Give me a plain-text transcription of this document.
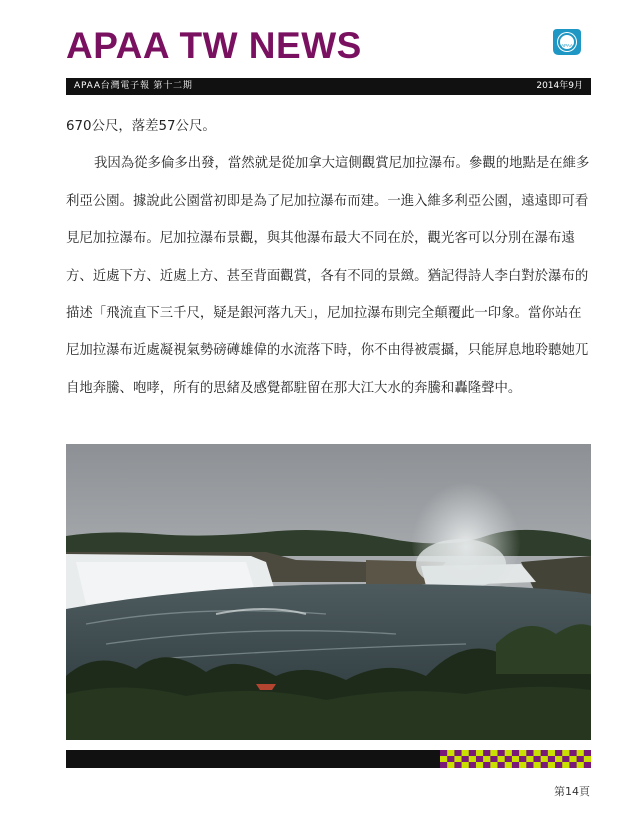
APAA TW NEWS	APAA
APAA台灣電子報 第十二期	2014年9月

670公尺，落差57公尺。

我因為從多倫多出發，當然就是從加拿大這側觀賞尼加拉瀑布。參觀的地點是在維多利亞公園。據說此公園當初即是為了尼加拉瀑布而建。一進入維多利亞公園，遠遠即可看見尼加拉瀑布。尼加拉瀑布景觀，與其他瀑布最大不同在於，觀光客可以分別在瀑布遠方、近處下方、近處上方、甚至背面觀賞，各有不同的景緻。猶記得詩人李白對於瀑布的描述「飛流直下三千尺，疑是銀河落九天」，尼加拉瀑布則完全顛覆此一印象。當你站在尼加拉瀑布近處凝視氣勢磅礡雄偉的水流落下時，你不由得被震攝，只能屏息地聆聽她兀自地奔騰、咆哮，所有的思緒及感覺都駐留在那大江大水的奔騰和轟隆聲中。

第14頁
